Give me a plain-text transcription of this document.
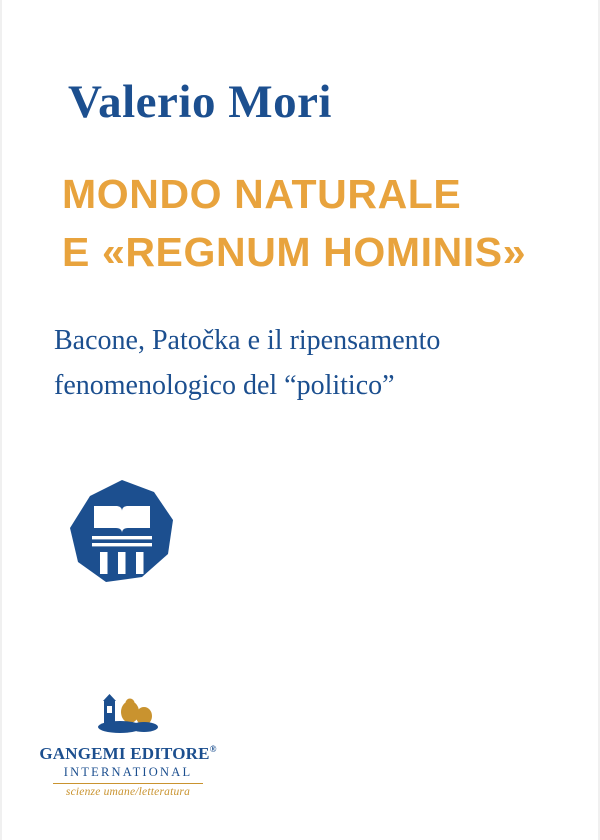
Valerio Mori
MONDO NATURALE
E «REGNUM HOMINIS»
Bacone, Patočka e il ripensamento
fenomenologico del “politico”
GANGEMI EDITORE®
INTERNATIONAL
scienze umane/letteratura
